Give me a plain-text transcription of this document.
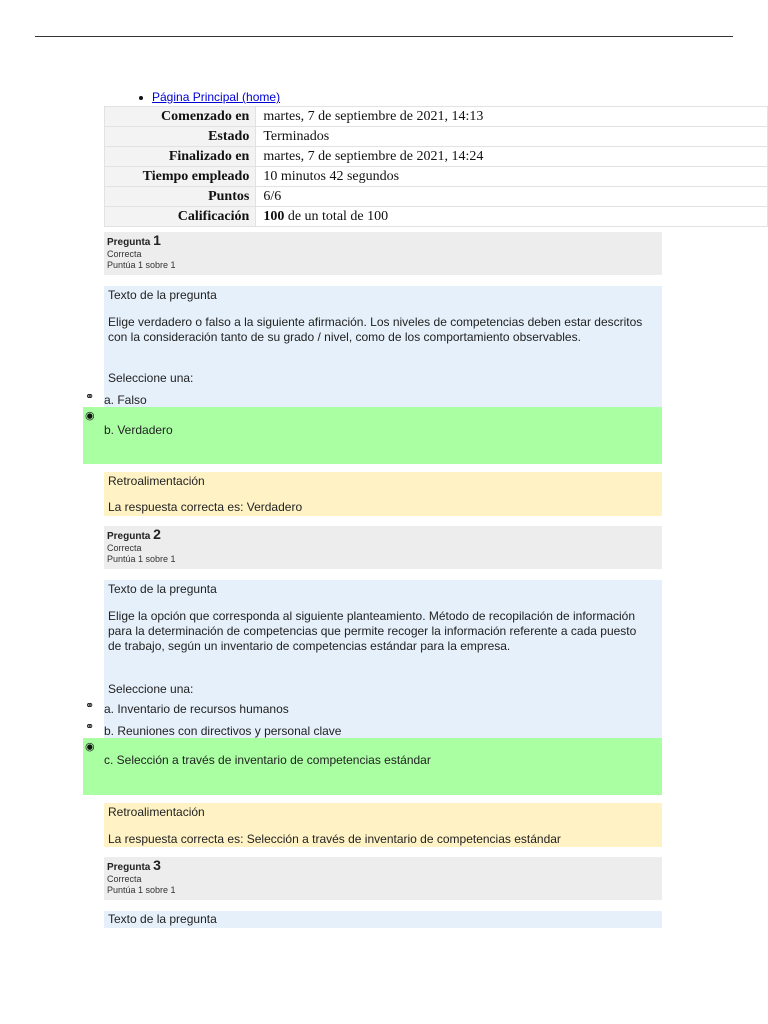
Página Principal (home)
Comenzado en	martes, 7 de septiembre de 2021, 14:13
Estado	Terminados
Finalizado en	martes, 7 de septiembre de 2021, 14:24
Tiempo empleado	10 minutos 42 segundos
Puntos	6/6
Calificación	100 de un total de 100
Pregunta 1
Correcta
Puntúa 1 sobre 1
Texto de la pregunta
Elige verdadero o falso a la siguiente afirmación. Los niveles de competencias deben estar descritos con la consideración tanto de su grado / nivel, como de los comportamiento observables.
Seleccione una:
⚭ a. Falso
◉
b. Verdadero
Retroalimentación
La respuesta correcta es: Verdadero
Pregunta 2
Correcta
Puntúa 1 sobre 1
Texto de la pregunta
Elige la opción que corresponda al siguiente planteamiento. Método de recopilación de información para la determinación de competencias que permite recoger la información referente a cada puesto de trabajo, según un inventario de competencias estándar para la empresa.
Seleccione una:
⚭ a. Inventario de recursos humanos
⚭ b. Reuniones con directivos y personal clave
◉
c. Selección a través de inventario de competencias estándar
Retroalimentación
La respuesta correcta es: Selección a través de inventario de competencias estándar
Pregunta 3
Correcta
Puntúa 1 sobre 1
Texto de la pregunta
